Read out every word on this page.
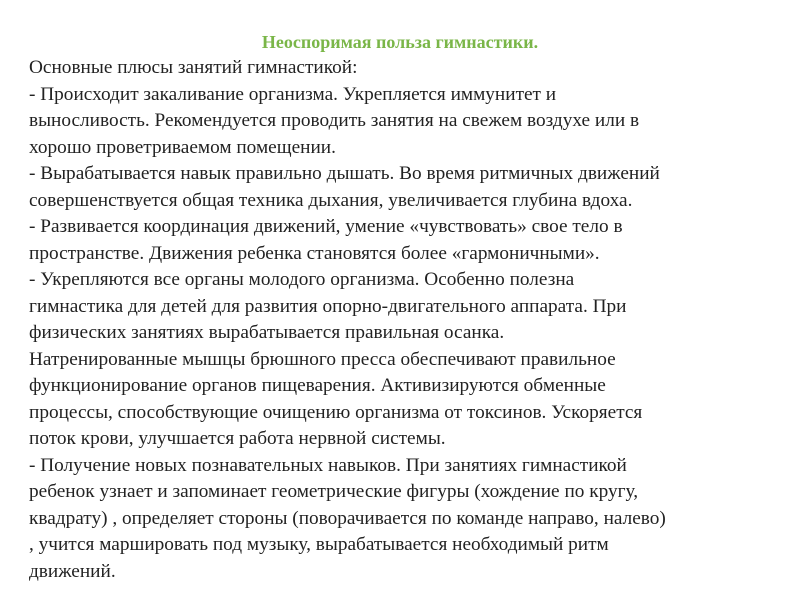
Неоспоримая польза гимнастики.
Основные плюсы занятий гимнастикой:
- Происходит закаливание организма. Укрепляется иммунитет и
выносливость. Рекомендуется проводить занятия на свежем воздухе или в
хорошо проветриваемом помещении.
- Вырабатывается навык правильно дышать. Во время ритмичных движений
совершенствуется общая техника дыхания, увеличивается глубина вдоха.
- Развивается координация движений, умение «чувствовать» свое тело в
пространстве. Движения ребенка становятся более «гармоничными».
- Укрепляются все органы молодого организма. Особенно полезна
гимнастика для детей для развития опорно-двигательного аппарата. При
физических занятиях вырабатывается правильная осанка.
Натренированные мышцы брюшного пресса обеспечивают правильное
функционирование органов пищеварения. Активизируются обменные
процессы, способствующие очищению организма от токсинов. Ускоряется
поток крови, улучшается работа нервной системы.
- Получение новых познавательных навыков. При занятиях гимнастикой
ребенок узнает и запоминает геометрические фигуры (хождение по кругу,
квадрату) , определяет стороны (поворачивается по команде направо, налево)
, учится маршировать под музыку, вырабатывается необходимый ритм
движений.
